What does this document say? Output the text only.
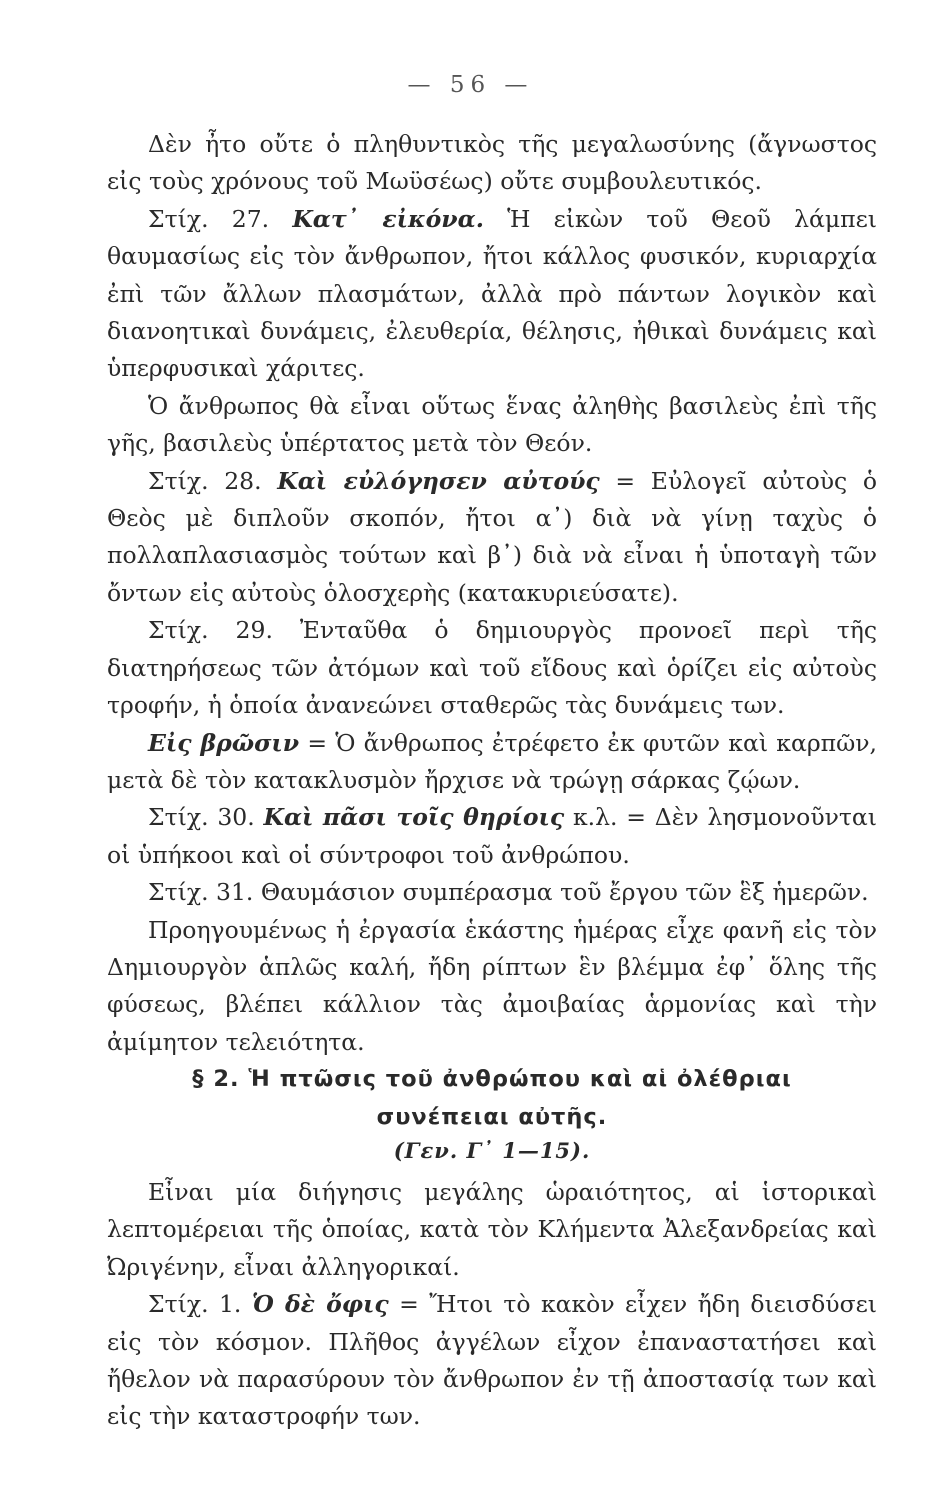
— 56 —

Δὲν ἦτο οὔτε ὁ πληθυντικὸς τῆς μεγαλωσύνης (ἄγνωστος εἰς τοὺς χρόνους τοῦ Μωϋσέως) οὔτε συμβουλευτικός.

Στίχ. 27. Κατ᾿ εἰκόνα. Ἡ εἰκὼν τοῦ Θεοῦ λάμπει θαυμασίως εἰς τὸν ἄνθρωπον, ἤτοι κάλλος φυσικόν, κυριαρχία ἐπὶ τῶν ἄλλων πλασμάτων, ἀλλὰ πρὸ πάντων λογικὸν καὶ διανοητικαὶ δυνάμεις, ἐλευθερία, θέλησις, ἠθικαὶ δυνάμεις καὶ ὑπερφυσικαὶ χάριτες.

Ὁ ἄνθρωπος θὰ εἶναι οὕτως ἕνας ἀληθὴς βασιλεὺς ἐπὶ τῆς γῆς, βασιλεὺς ὑπέρτατος μετὰ τὸν Θεόν.

Στίχ. 28. Καὶ εὐλόγησεν αὐτούς = Εὐλογεῖ αὐτοὺς ὁ Θεὸς μὲ διπλοῦν σκοπόν, ἤτοι α᾿) διὰ νὰ γίνῃ ταχὺς ὁ πολλαπλασιασμὸς τούτων καὶ β᾿) διὰ νὰ εἶναι ἡ ὑποταγὴ τῶν ὄντων εἰς αὐτοὺς ὁλοσχερὴς (κατακυριεύσατε).

Στίχ. 29. Ἐνταῦθα ὁ δημιουργὸς προνοεῖ περὶ τῆς διατηρήσεως τῶν ἀτόμων καὶ τοῦ εἴδους καὶ ὁρίζει εἰς αὐτοὺς τροφήν, ἡ ὁποία ἀνανεώνει σταθερῶς τὰς δυνάμεις των.

Εἰς βρῶσιν = Ὁ ἄνθρωπος ἐτρέφετο ἐκ φυτῶν καὶ καρπῶν, μετὰ δὲ τὸν κατακλυσμὸν ἤρχισε νὰ τρώγῃ σάρκας ζῴων.

Στίχ. 30. Καὶ πᾶσι τοῖς θηρίοις κ.λ. = Δὲν λησμονοῦνται οἱ ὑπήκοοι καὶ οἱ σύντροφοι τοῦ ἀνθρώπου.

Στίχ. 31. Θαυμάσιον συμπέρασμα τοῦ ἔργου τῶν ἓξ ἡμερῶν.

Προηγουμένως ἡ ἐργασία ἑκάστης ἡμέρας εἶχε φανῆ εἰς τὸν Δημιουργὸν ἁπλῶς καλή, ἤδη ρίπτων ἓν βλέμμα ἐφ᾿ ὅλης τῆς φύσεως, βλέπει κάλλιον τὰς ἀμοιβαίας ἁρμονίας καὶ τὴν ἀμίμητον τελειότητα.

§ 2. Ἡ πτῶσις τοῦ ἀνθρώπου καὶ αἱ ὀλέθριαι
συνέπειαι αὐτῆς.
(Γεν. Γ᾿ 1—15).

Εἶναι μία διήγησις μεγάλης ὡραιότητος, αἱ ἱστορικαὶ λεπτομέρειαι τῆς ὁποίας, κατὰ τὸν Κλήμεντα Ἀλεξανδρείας καὶ Ὠριγένην, εἶναι ἀλληγορικαί.

Στίχ. 1. Ὁ δὲ ὄφις = Ἤτοι τὸ κακὸν εἶχεν ἤδη διεισδύσει εἰς τὸν κόσμον. Πλῆθος ἀγγέλων εἶχον ἐπαναστατήσει καὶ ἤθελον νὰ παρασύρουν τὸν ἄνθρωπον ἐν τῇ ἀποστασίᾳ των καὶ εἰς τὴν καταστροφήν των.
